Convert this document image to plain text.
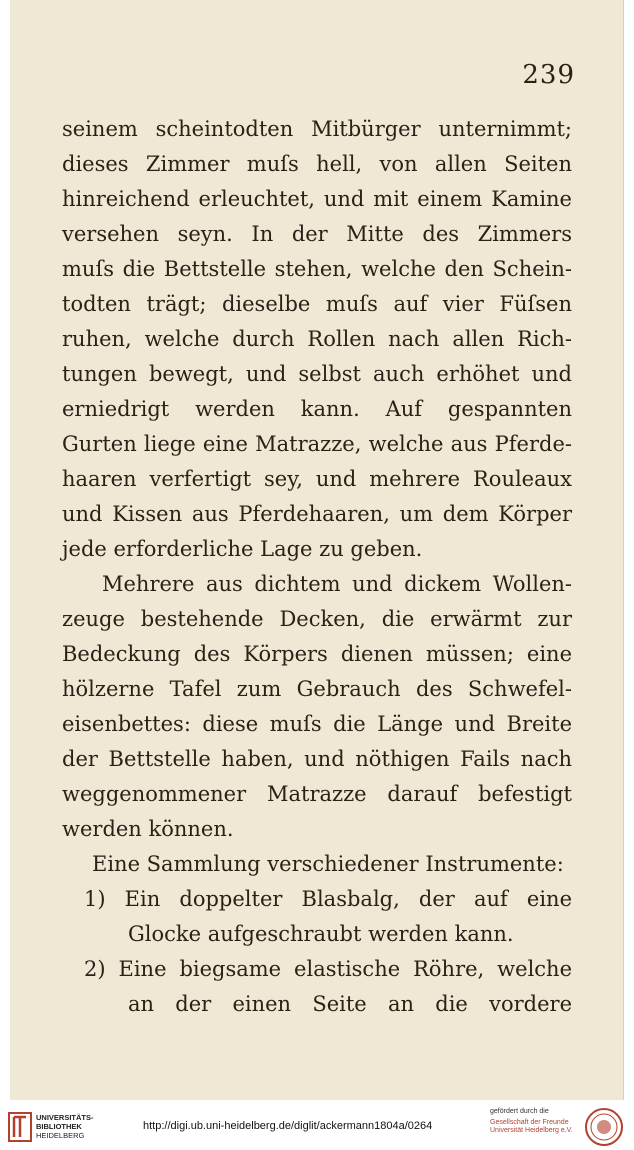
239
seinem scheintodten Mitbürger unternimmt;
dieses Zimmer muſs hell, von allen Seiten
hinreichend erleuchtet, und mit einem Kamine
versehen seyn. In der Mitte des Zimmers
muſs die Bettstelle stehen, welche den Schein-
todten trägt; dieselbe muſs auf vier Füſsen
ruhen, welche durch Rollen nach allen Rich-
tungen bewegt, und selbst auch erhöhet und
erniedrigt werden kann. Auf gespannten
Gurten liege eine Matrazze, welche aus Pferde-
haaren verfertigt sey, und mehrere Rouleaux
und Kissen aus Pferdehaaren, um dem Körper
jede erforderliche Lage zu geben.
Mehrere aus dichtem und dickem Wollen-
zeuge bestehende Decken, die erwärmt zur
Bedeckung des Körpers dienen müssen; eine
hölzerne Tafel zum Gebrauch des Schwefel-
eisenbettes: diese muſs die Länge und Breite
der Bettstelle haben, und nöthigen Fails nach
weggenommener Matrazze darauf befestigt
werden können.
Eine Sammlung verschiedener Instrumente:
1) Ein doppelter Blasbalg, der auf eine
Glocke aufgeschraubt werden kann.
2) Eine biegsame elastische Röhre, welche
an der einen Seite an die vordere
UNIVERSITÄTS-
BIBLIOTHEK
HEIDELBERG
http://digi.ub.uni-heidelberg.de/diglit/ackermann1804a/0264
gefördert durch die
Gesellschaft der Freunde
Universität Heidelberg e.V.
